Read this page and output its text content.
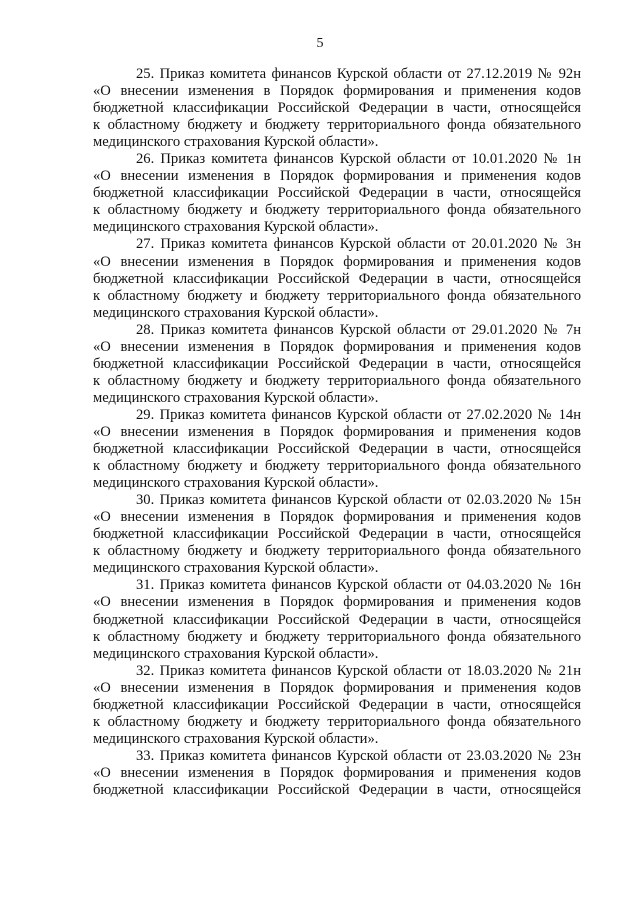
5
25. Приказ комитета финансов Курской области от 27.12.2019 № 92н
«О внесении изменения в Порядок формирования и применения кодов
бюджетной классификации Российской Федерации в части, относящейся
к областному бюджету и бюджету территориального фонда обязательного
медицинского страхования Курской области».
26. Приказ комитета финансов Курской области от 10.01.2020 № 1н
«О внесении изменения в Порядок формирования и применения кодов
бюджетной классификации Российской Федерации в части, относящейся
к областному бюджету и бюджету территориального фонда обязательного
медицинского страхования Курской области».
27. Приказ комитета финансов Курской области от 20.01.2020 № 3н
«О внесении изменения в Порядок формирования и применения кодов
бюджетной классификации Российской Федерации в части, относящейся
к областному бюджету и бюджету территориального фонда обязательного
медицинского страхования Курской области».
28. Приказ комитета финансов Курской области от 29.01.2020 № 7н
«О внесении изменения в Порядок формирования и применения кодов
бюджетной классификации Российской Федерации в части, относящейся
к областному бюджету и бюджету территориального фонда обязательного
медицинского страхования Курской области».
29. Приказ комитета финансов Курской области от 27.02.2020 № 14н
«О внесении изменения в Порядок формирования и применения кодов
бюджетной классификации Российской Федерации в части, относящейся
к областному бюджету и бюджету территориального фонда обязательного
медицинского страхования Курской области».
30. Приказ комитета финансов Курской области от 02.03.2020 № 15н
«О внесении изменения в Порядок формирования и применения кодов
бюджетной классификации Российской Федерации в части, относящейся
к областному бюджету и бюджету территориального фонда обязательного
медицинского страхования Курской области».
31. Приказ комитета финансов Курской области от 04.03.2020 № 16н
«О внесении изменения в Порядок формирования и применения кодов
бюджетной классификации Российской Федерации в части, относящейся
к областному бюджету и бюджету территориального фонда обязательного
медицинского страхования Курской области».
32. Приказ комитета финансов Курской области от 18.03.2020 № 21н
«О внесении изменения в Порядок формирования и применения кодов
бюджетной классификации Российской Федерации в части, относящейся
к областному бюджету и бюджету территориального фонда обязательного
медицинского страхования Курской области».
33. Приказ комитета финансов Курской области от 23.03.2020 № 23н
«О внесении изменения в Порядок формирования и применения кодов
бюджетной классификации Российской Федерации в части, относящейся
